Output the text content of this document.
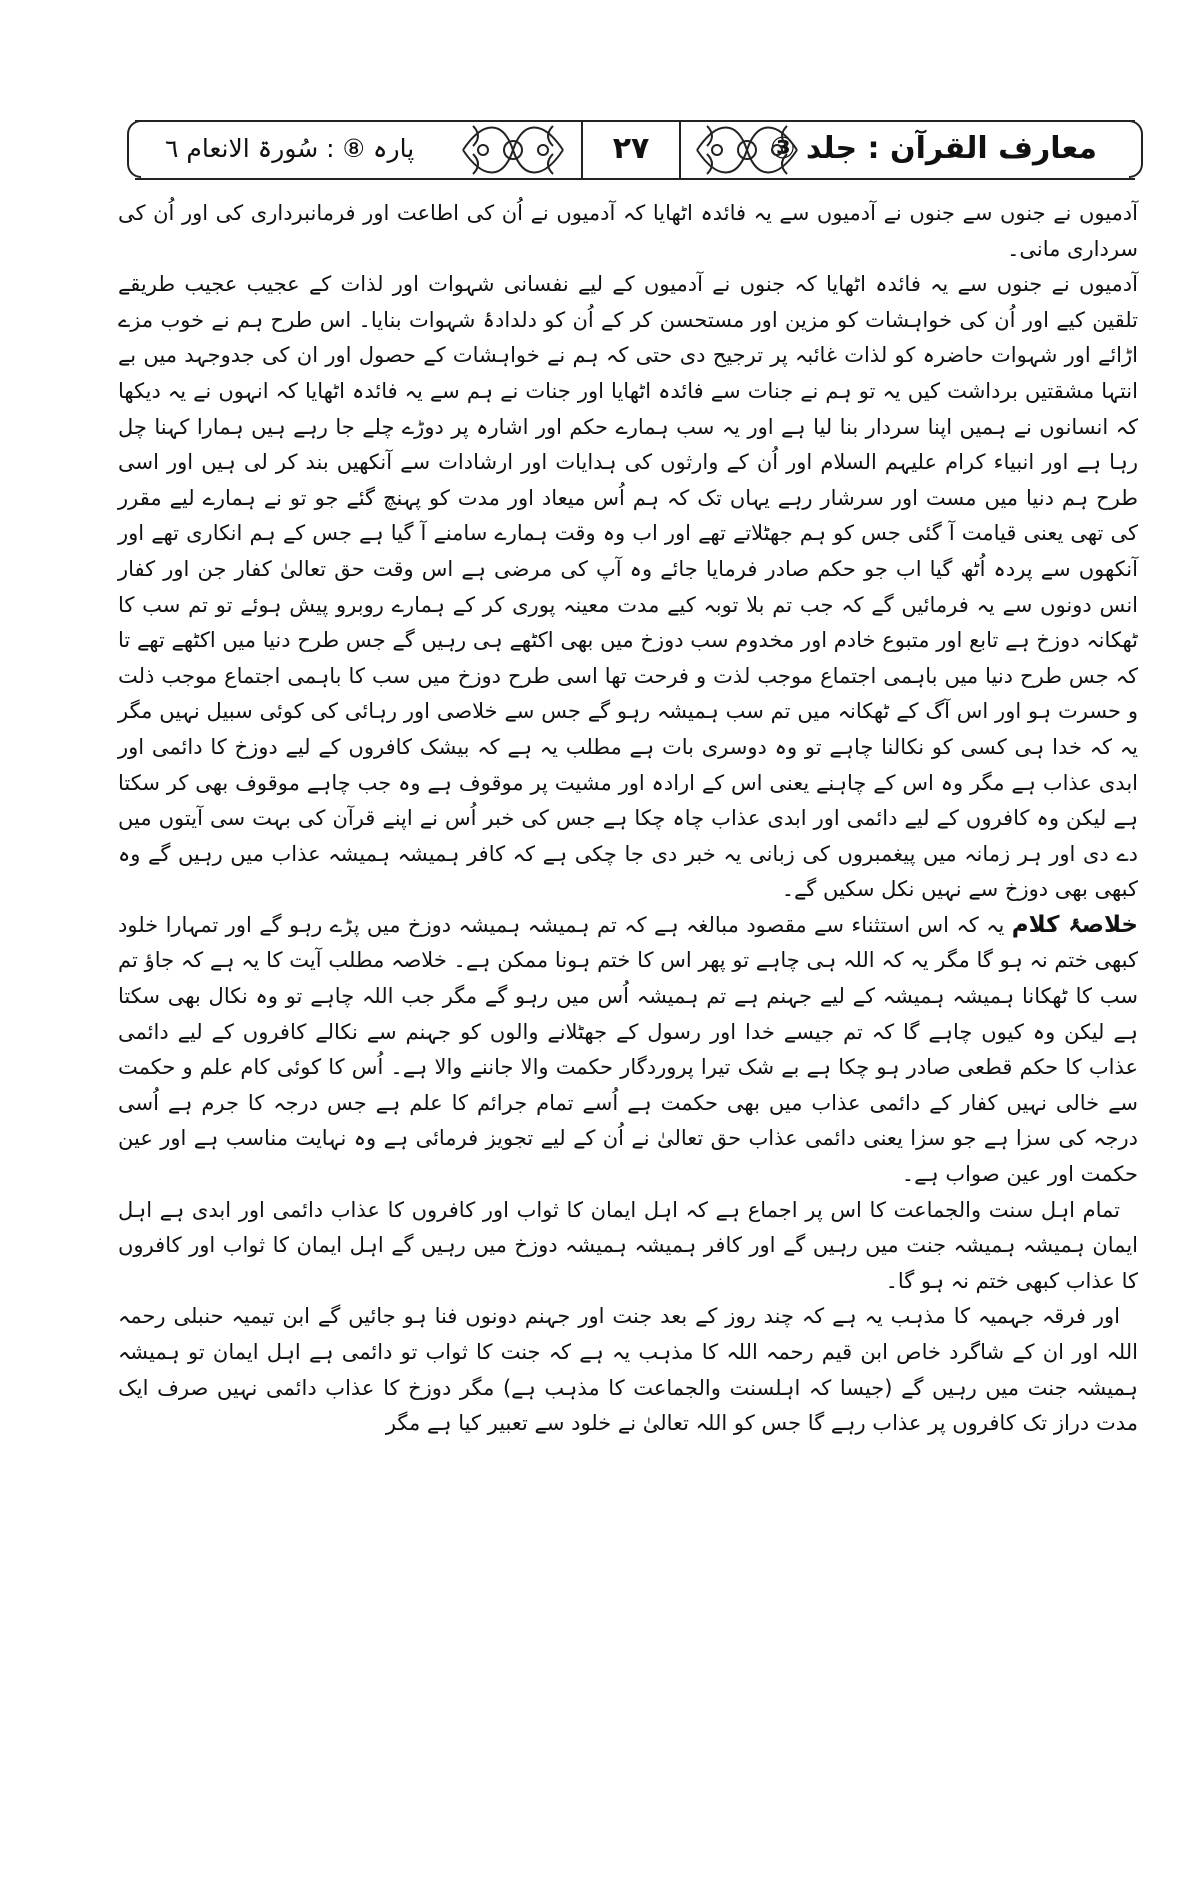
معارف القرآن : جلد ③
پارہ ⑧ : سُورۃ الانعام ٦	۲۷

آدمیوں نے جنوں سے جنوں نے آدمیوں سے یہ فائدہ اٹھایا کہ آدمیوں نے اُن کی اطاعت اور فرمانبرداری کی اور اُن کی سرداری مانی۔

آدمیوں نے جنوں سے یہ فائدہ اٹھایا کہ جنوں نے آدمیوں کے لیے نفسانی شہوات اور لذات کے عجیب عجیب طریقے تلقین کیے اور اُن کی خواہشات کو مزین اور مستحسن کر کے اُن کو دلدادۂ شہوات بنایا۔ اس طرح ہم نے خوب مزے اڑائے اور شہوات حاضرہ کو لذات غائبہ پر ترجیح دی حتی کہ ہم نے خواہشات کے حصول اور ان کی جدوجہد میں بے انتہا مشقتیں برداشت کیں یہ تو ہم نے جنات سے فائدہ اٹھایا اور جنات نے ہم سے یہ فائدہ اٹھایا کہ انہوں نے یہ دیکھا کہ انسانوں نے ہمیں اپنا سردار بنا لیا ہے اور یہ سب ہمارے حکم اور اشارہ پر دوڑے چلے جا رہے ہیں ہمارا کہنا چل رہا ہے اور انبیاء کرام علیہم السلام اور اُن کے وارثوں کی ہدایات اور ارشادات سے آنکھیں بند کر لی ہیں اور اسی طرح ہم دنیا میں مست اور سرشار رہے یہاں تک کہ ہم اُس میعاد اور مدت کو پہنچ گئے جو تو نے ہمارے لیے مقرر کی تھی یعنی قیامت آ گئی جس کو ہم جھٹلاتے تھے اور اب وہ وقت ہمارے سامنے آ گیا ہے جس کے ہم انکاری تھے اور آنکھوں سے پردہ اُٹھ گیا اب جو حکم صادر فرمایا جائے وہ آپ کی مرضی ہے اس وقت حق تعالیٰ کفار جن اور کفار انس دونوں سے یہ فرمائیں گے کہ جب تم بلا توبہ کیے مدت معینہ پوری کر کے ہمارے روبرو پیش ہوئے تو تم سب کا ٹھکانہ دوزخ ہے تابع اور متبوع خادم اور مخدوم سب دوزخ میں بھی اکٹھے ہی رہیں گے جس طرح دنیا میں اکٹھے تھے تا کہ جس طرح دنیا میں باہمی اجتماع موجب لذت و فرحت تھا اسی طرح دوزخ میں سب کا باہمی اجتماع موجب ذلت و حسرت ہو اور اس آگ کے ٹھکانہ میں تم سب ہمیشہ رہو گے جس سے خلاصی اور رہائی کی کوئی سبیل نہیں مگر یہ کہ خدا ہی کسی کو نکالنا چاہے تو وہ دوسری بات ہے مطلب یہ ہے کہ بیشک کافروں کے لیے دوزخ کا دائمی اور ابدی عذاب ہے مگر وہ اس کے چاہنے یعنی اس کے ارادہ اور مشیت پر موقوف ہے وہ جب چاہے موقوف بھی کر سکتا ہے لیکن وہ کافروں کے لیے دائمی اور ابدی عذاب چاہ چکا ہے جس کی خبر اُس نے اپنے قرآن کی بہت سی آیتوں میں دے دی اور ہر زمانہ میں پیغمبروں کی زبانی یہ خبر دی جا چکی ہے کہ کافر ہمیشہ ہمیشہ عذاب میں رہیں گے وہ کبھی بھی دوزخ سے نہیں نکل سکیں گے۔

خلاصۂ کلام یہ کہ اس استثناء سے مقصود مبالغہ ہے کہ تم ہمیشہ ہمیشہ دوزخ میں پڑے رہو گے اور تمہارا خلود کبھی ختم نہ ہو گا مگر یہ کہ اللہ ہی چاہے تو پھر اس کا ختم ہونا ممکن ہے۔ خلاصہ مطلب آیت کا یہ ہے کہ جاؤ تم سب کا ٹھکانا ہمیشہ ہمیشہ کے لیے جہنم ہے تم ہمیشہ اُس میں رہو گے مگر جب اللہ چاہے تو وہ نکال بھی سکتا ہے لیکن وہ کیوں چاہے گا کہ تم جیسے خدا اور رسول کے جھٹلانے والوں کو جہنم سے نکالے کافروں کے لیے دائمی عذاب کا حکم قطعی صادر ہو چکا ہے بے شک تیرا پروردگار حکمت والا جاننے والا ہے۔ اُس کا کوئی کام علم و حکمت سے خالی نہیں کفار کے دائمی عذاب میں بھی حکمت ہے اُسے تمام جرائم کا علم ہے جس درجہ کا جرم ہے اُسی درجہ کی سزا ہے جو سزا یعنی دائمی عذاب حق تعالیٰ نے اُن کے لیے تجویز فرمائی ہے وہ نہایت مناسب ہے اور عین حکمت اور عین صواب ہے۔

تمام اہل سنت والجماعت کا اس پر اجماع ہے کہ اہل ایمان کا ثواب اور کافروں کا عذاب دائمی اور ابدی ہے اہل ایمان ہمیشہ ہمیشہ جنت میں رہیں گے اور کافر ہمیشہ ہمیشہ دوزخ میں رہیں گے اہل ایمان کا ثواب اور کافروں کا عذاب کبھی ختم نہ ہو گا۔

اور فرقہ جہمیہ کا مذہب یہ ہے کہ چند روز کے بعد جنت اور جہنم دونوں فنا ہو جائیں گے ابن تیمیہ حنبلی رحمہ اللہ اور ان کے شاگرد خاص ابن قیم رحمہ اللہ کا مذہب یہ ہے کہ جنت کا ثواب تو دائمی ہے اہل ایمان تو ہمیشہ ہمیشہ جنت میں رہیں گے (جیسا کہ اہلسنت والجماعت کا مذہب ہے) مگر دوزخ کا عذاب دائمی نہیں صرف ایک مدت دراز تک کافروں پر عذاب رہے گا جس کو اللہ تعالیٰ نے خلود سے تعبیر کیا ہے مگر
